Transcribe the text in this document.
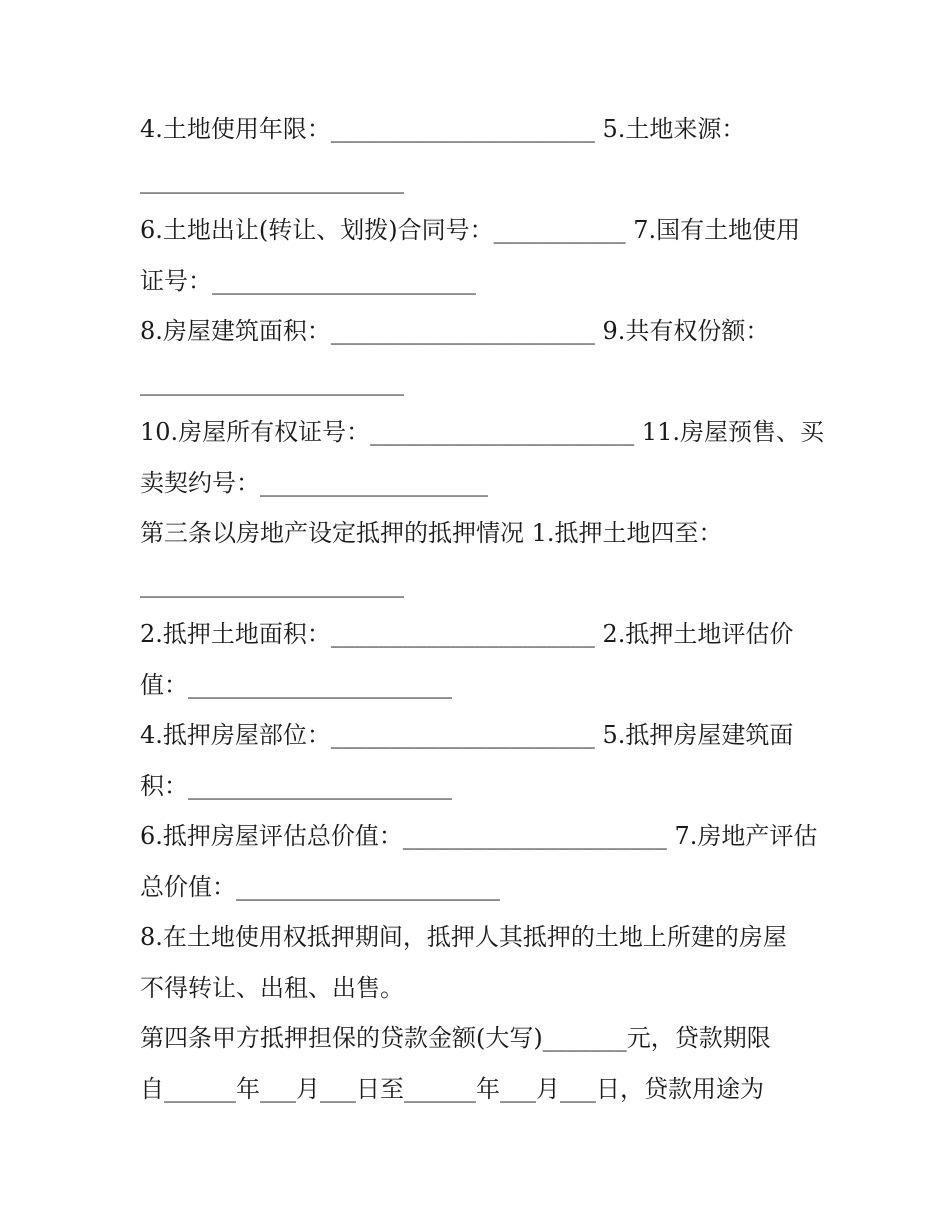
4.土地使用年限：______________________ 5.土地来源：
______________________
6.土地出让(转让、划拨)合同号：___________ 7.国有土地使用
证号：______________________
8.房屋建筑面积：______________________ 9.共有权份额：
______________________
10.房屋所有权证号：______________________ 11.房屋预售、买
卖契约号：___________________
第三条以房地产设定抵押的抵押情况 1.抵押土地四至：
______________________
2.抵押土地面积：______________________ 2.抵押土地评估价
值：______________________
4.抵押房屋部位：______________________ 5.抵押房屋建筑面
积：______________________
6.抵押房屋评估总价值：______________________ 7.房地产评估
总价值：______________________
8.在土地使用权抵押期间，抵押人其抵押的土地上所建的房屋
不得转让、出租、出售。
第四条甲方抵押担保的贷款金额(大写)_______元，贷款期限
自______年___月___日至______年___月___日，贷款用途为
